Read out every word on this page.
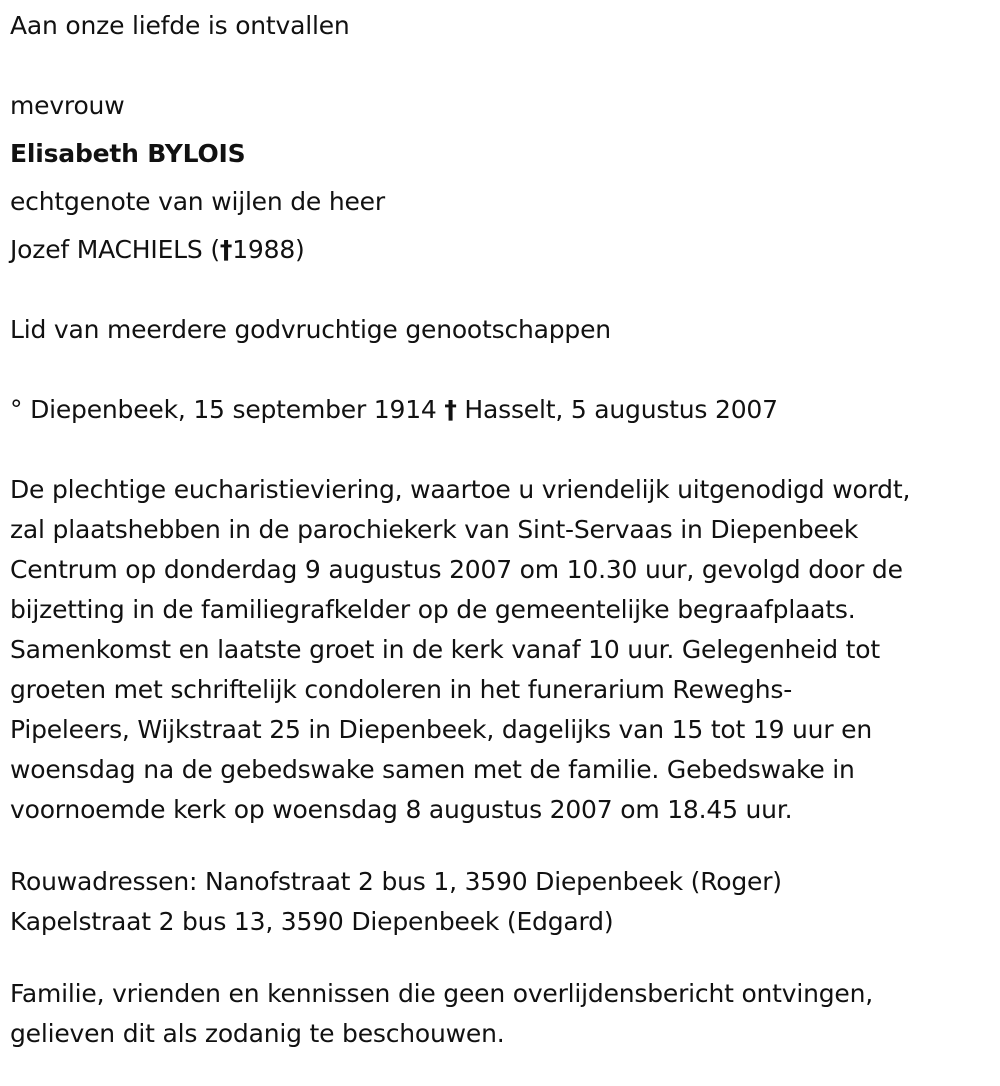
Aan onze liefde is ontvallen
mevrouw
Elisabeth BYLOIS
echtgenote van wijlen de heer
Jozef MACHIELS (†1988)
Lid van meerdere godvruchtige genootschappen
° Diepenbeek, 15 september 1914 † Hasselt, 5 augustus 2007
De plechtige eucharistieviering, waartoe u vriendelijk uitgenodigd wordt,
zal plaatshebben in de parochiekerk van Sint-Servaas in Diepenbeek
Centrum op donderdag 9 augustus 2007 om 10.30 uur, gevolgd door de
bijzetting in de familiegrafkelder op de gemeentelijke begraafplaats.
Samenkomst en laatste groet in de kerk vanaf 10 uur. Gelegenheid tot
groeten met schriftelijk condoleren in het funerarium Reweghs-
Pipeleers, Wijkstraat 25 in Diepenbeek, dagelijks van 15 tot 19 uur en
woensdag na de gebedswake samen met de familie. Gebedswake in
voornoemde kerk op woensdag 8 augustus 2007 om 18.45 uur.
Rouwadressen: Nanofstraat 2 bus 1, 3590 Diepenbeek (Roger)
Kapelstraat 2 bus 13, 3590 Diepenbeek (Edgard)
Familie, vrienden en kennissen die geen overlijdensbericht ontvingen,
gelieven dit als zodanig te beschouwen.
